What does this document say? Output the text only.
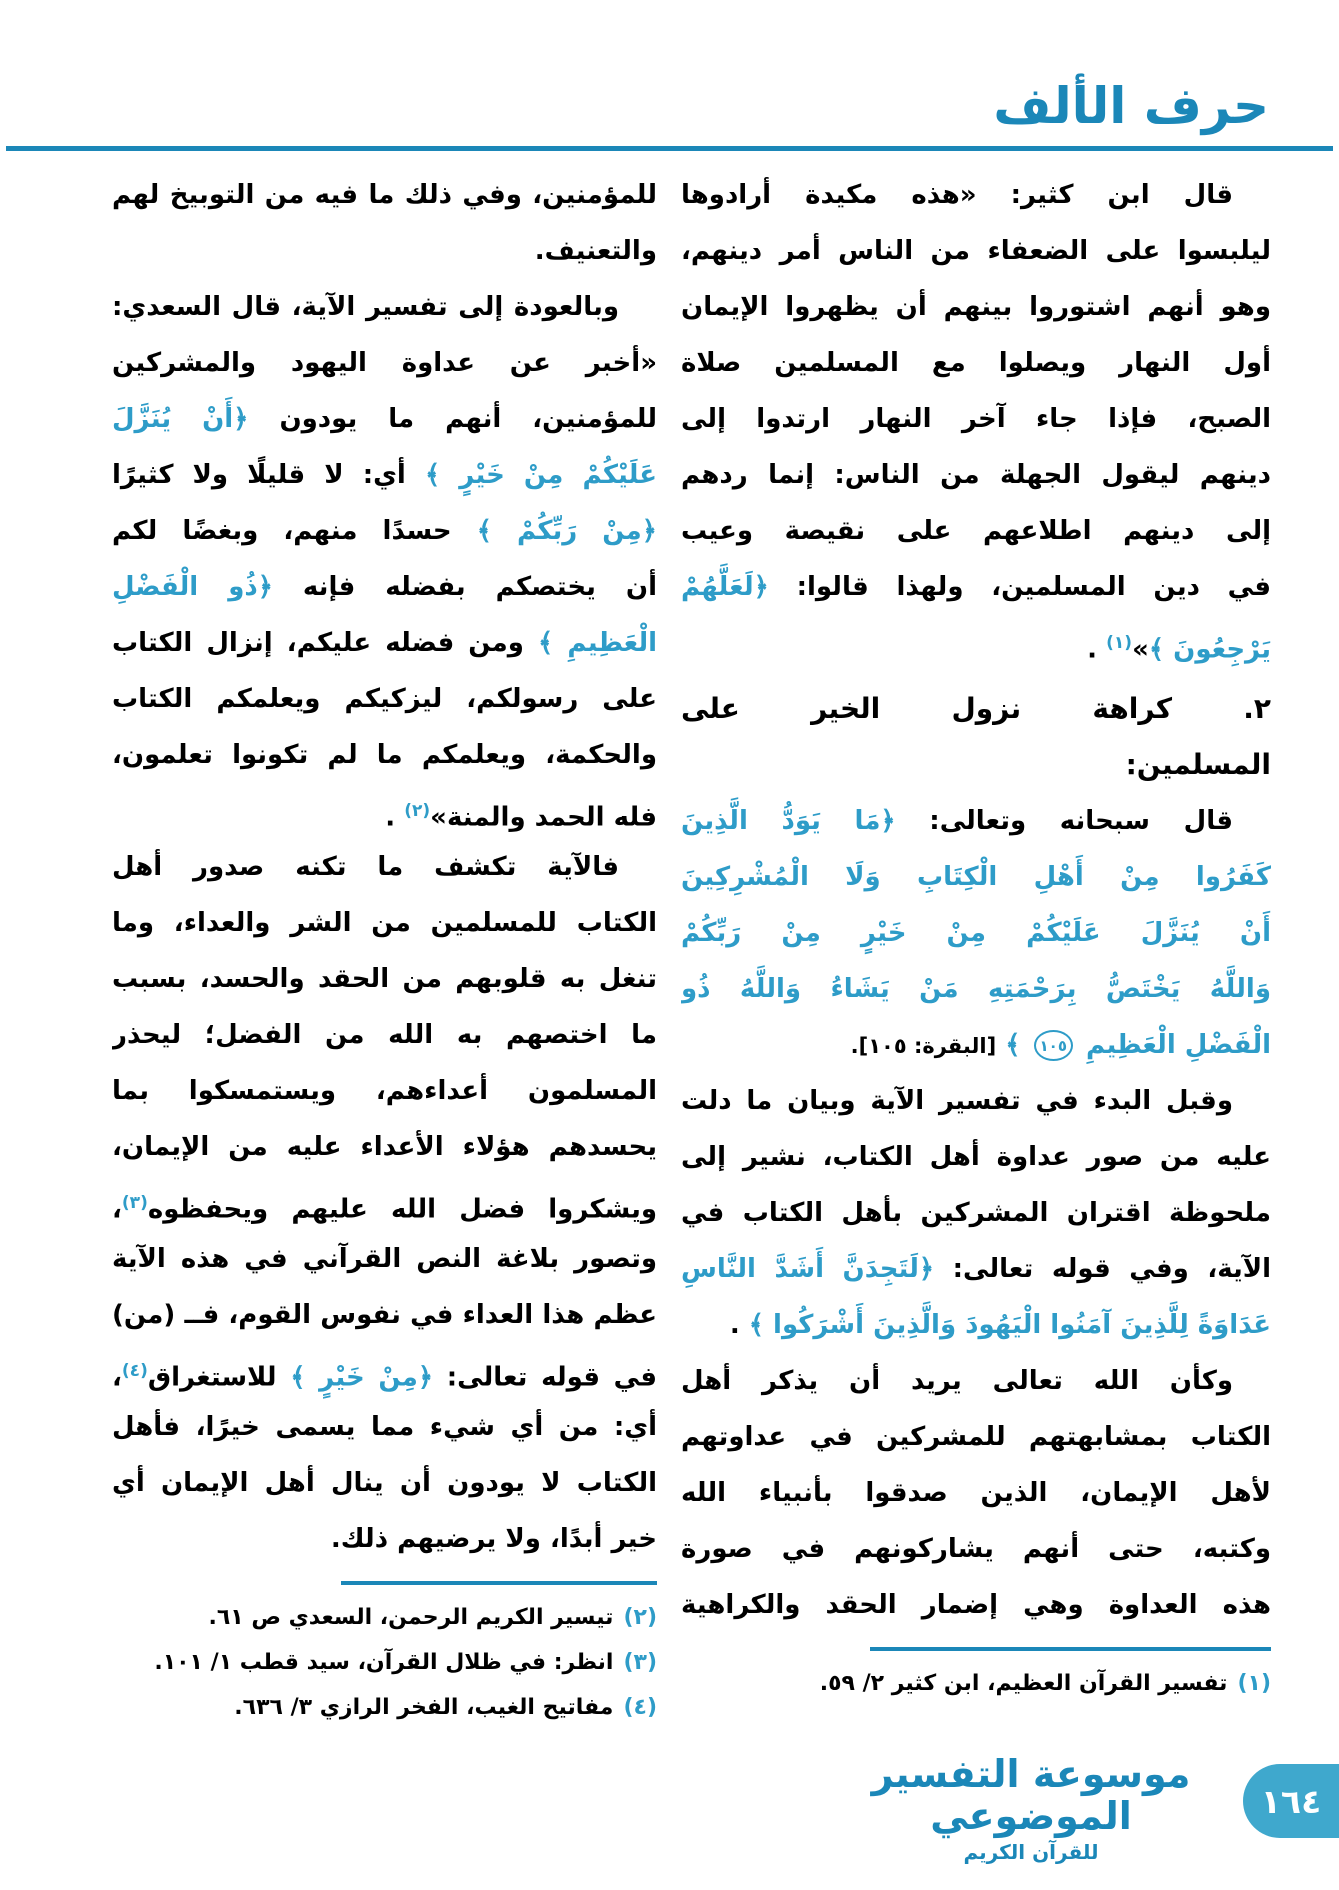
حرف الألف
قال ابن كثير: «هذه مكيدة أرادوها
ليلبسوا على الضعفاء من الناس أمر دينهم،
وهو أنهم اشتوروا بينهم أن يظهروا الإيمان
أول النهار ويصلوا مع المسلمين صلاة
الصبح، فإذا جاء آخر النهار ارتدوا إلى
دينهم ليقول الجهلة من الناس: إنما ردهم
إلى دينهم اطلاعهم على نقيصة وعيب
في دين المسلمين، ولهذا قالوا: ﴿لَعَلَّهُمْ
يَرْجِعُونَ ﴾»$^{(١)}$ .
٢. كراهة نزول الخير على
المسلمين:
قال سبحانه وتعالى: ﴿مَا يَوَدُّ الَّذِينَ
كَفَرُوا مِنْ أَهْلِ الْكِتَابِ وَلَا الْمُشْرِكِينَ
أَنْ يُنَزَّلَ عَلَيْكُمْ مِنْ خَيْرٍ مِنْ رَبِّكُمْ
وَاللَّهُ يَخْتَصُّ بِرَحْمَتِهِ مَنْ يَشَاءُ وَاللَّهُ ذُو
الْفَضْلِ الْعَظِيمِ ١٠٥ ﴾ [البقرة: ١٠٥].
وقبل البدء في تفسير الآية وبيان ما دلت
عليه من صور عداوة أهل الكتاب، نشير إلى
ملحوظة اقتران المشركين بأهل الكتاب في
الآية، وفي قوله تعالى: ﴿لَتَجِدَنَّ أَشَدَّ النَّاسِ
عَدَاوَةً لِلَّذِينَ آمَنُوا الْيَهُودَ وَالَّذِينَ أَشْرَكُوا ﴾ .
وكأن الله تعالى يريد أن يذكر أهل
الكتاب بمشابهتهم للمشركين في عداوتهم
لأهل الإيمان، الذين صدقوا بأنبياء الله
وكتبه، حتى أنهم يشاركونهم في صورة
هذه العداوة وهي إضمار الحقد والكراهية
(١)تفسير القرآن العظيم، ابن كثير ٢/ ٥٩.
للمؤمنين، وفي ذلك ما فيه من التوبيخ لهم
والتعنيف.
وبالعودة إلى تفسير الآية، قال السعدي:
«أخبر عن عداوة اليهود والمشركين
للمؤمنين، أنهم ما يودون ﴿أَنْ يُنَزَّلَ
عَلَيْكُمْ مِنْ خَيْرٍ ﴾ أي: لا قليلًا ولا كثيرًا
﴿مِنْ رَبِّكُمْ ﴾ حسدًا منهم، وبغضًا لكم
أن يختصكم بفضله فإنه ﴿ذُو الْفَضْلِ
الْعَظِيمِ ﴾ ومن فضله عليكم، إنزال الكتاب
على رسولكم، ليزكيكم ويعلمكم الكتاب
والحكمة، ويعلمكم ما لم تكونوا تعلمون،
فله الحمد والمنة»$^{(٢)}$ .
فالآية تكشف ما تكنه صدور أهل
الكتاب للمسلمين من الشر والعداء، وما
تنغل به قلوبهم من الحقد والحسد، بسبب
ما اختصهم به الله من الفضل؛ ليحذر
المسلمون أعداءهم، ويستمسكوا بما
يحسدهم هؤلاء الأعداء عليه من الإيمان،
ويشكروا فضل الله عليهم ويحفظوه$^{(٣)}$،
وتصور بلاغة النص القرآني في هذه الآية
عظم هذا العداء في نفوس القوم، فــ (من)
في قوله تعالى: ﴿مِنْ خَيْرٍ ﴾ للاستغراق$^{(٤)}$،
أي: من أي شيء مما يسمى خيرًا، فأهل
الكتاب لا يودون أن ينال أهل الإيمان أي
خير أبدًا، ولا يرضيهم ذلك.
(٢)تيسير الكريم الرحمن، السعدي ص ٦١.
(٣)انظر: في ظلال القرآن، سيد قطب ١/ ١٠١.
(٤)مفاتيح الغيب، الفخر الرازي ٣/ ٦٣٦.
موسوعة التفسير الموضوعي
للقرآن الكريم
١٦٤
